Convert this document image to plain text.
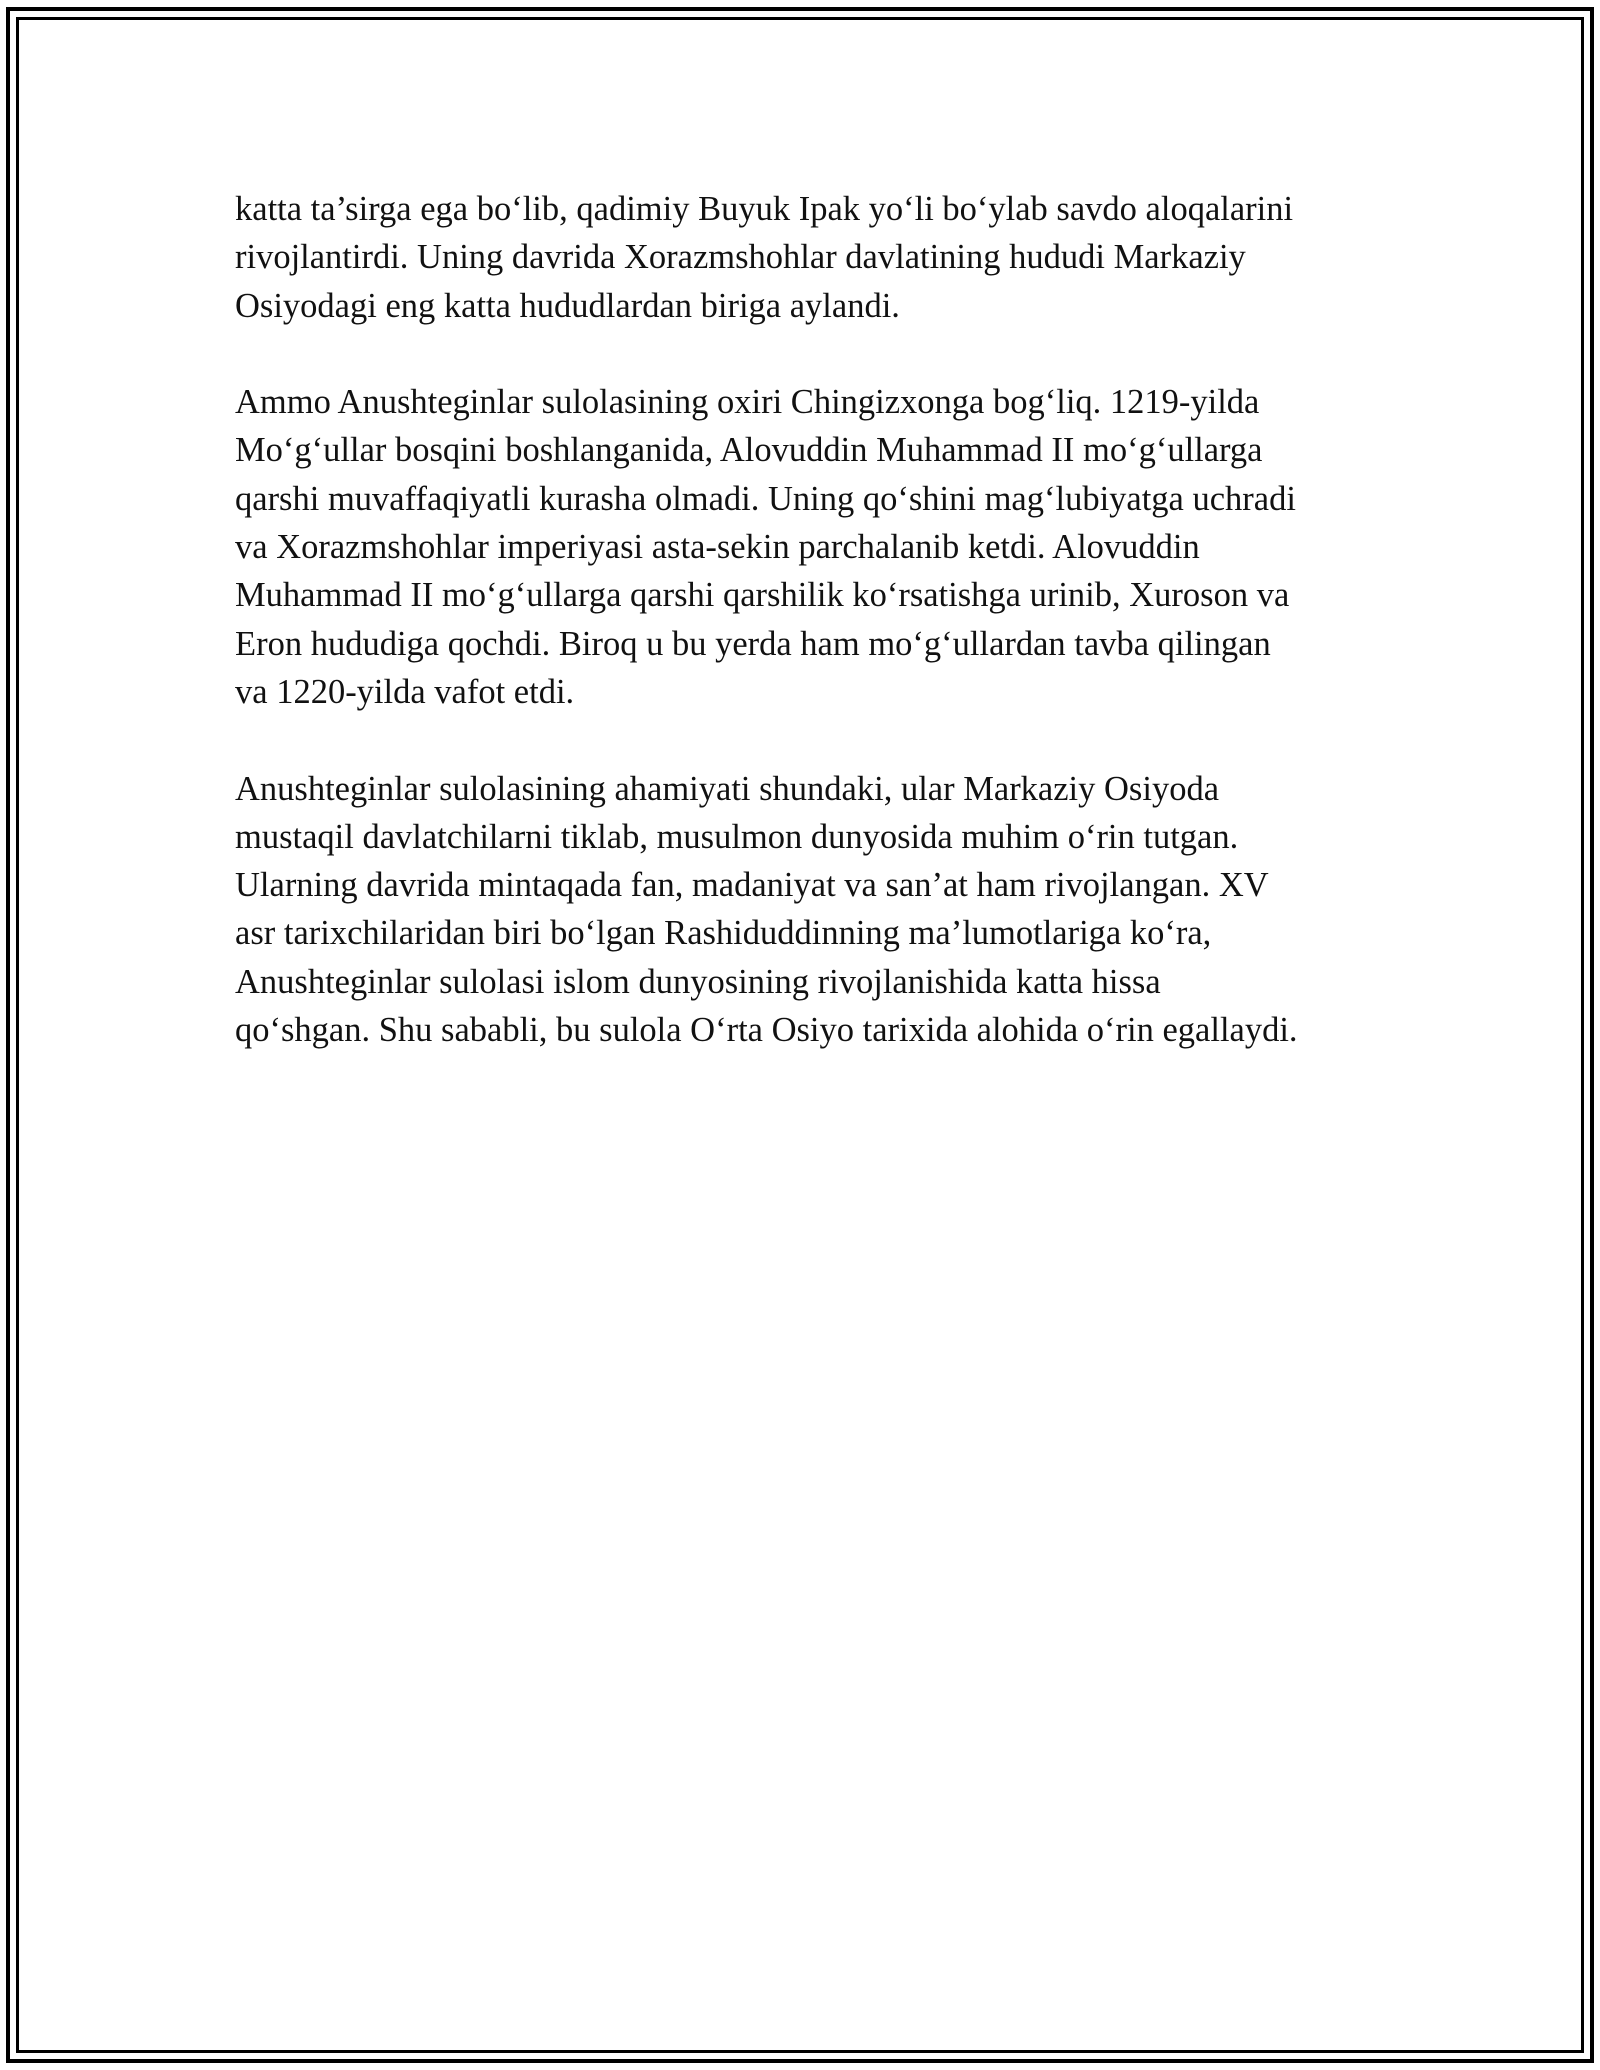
katta ta’sirga ega bo‘lib, qadimiy Buyuk Ipak yo‘li bo‘ylab savdo aloqalarini
rivojlantirdi. Uning davrida Xorazmshohlar davlatining hududi Markaziy
Osiyodagi eng katta hududlardan biriga aylandi.
Ammo Anushteginlar sulolasining oxiri Chingizxonga bog‘liq. 1219-yilda
Mo‘g‘ullar bosqini boshlanganida, Alovuddin Muhammad II mo‘g‘ullarga
qarshi muvaffaqiyatli kurasha olmadi. Uning qo‘shini mag‘lubiyatga uchradi
va Xorazmshohlar imperiyasi asta-sekin parchalanib ketdi. Alovuddin
Muhammad II mo‘g‘ullarga qarshi qarshilik ko‘rsatishga urinib, Xuroson va
Eron hududiga qochdi. Biroq u bu yerda ham mo‘g‘ullardan tavba qilingan
va 1220-yilda vafot etdi.
Anushteginlar sulolasining ahamiyati shundaki, ular Markaziy Osiyoda
mustaqil davlatchilarni tiklab, musulmon dunyosida muhim o‘rin tutgan.
Ularning davrida mintaqada fan, madaniyat va san’at ham rivojlangan. XV
asr tarixchilaridan biri bo‘lgan Rashiduddinning ma’lumotlariga ko‘ra,
Anushteginlar sulolasi islom dunyosining rivojlanishida katta hissa
qo‘shgan. Shu sababli, bu sulola O‘rta Osiyo tarixida alohida o‘rin egallaydi.
